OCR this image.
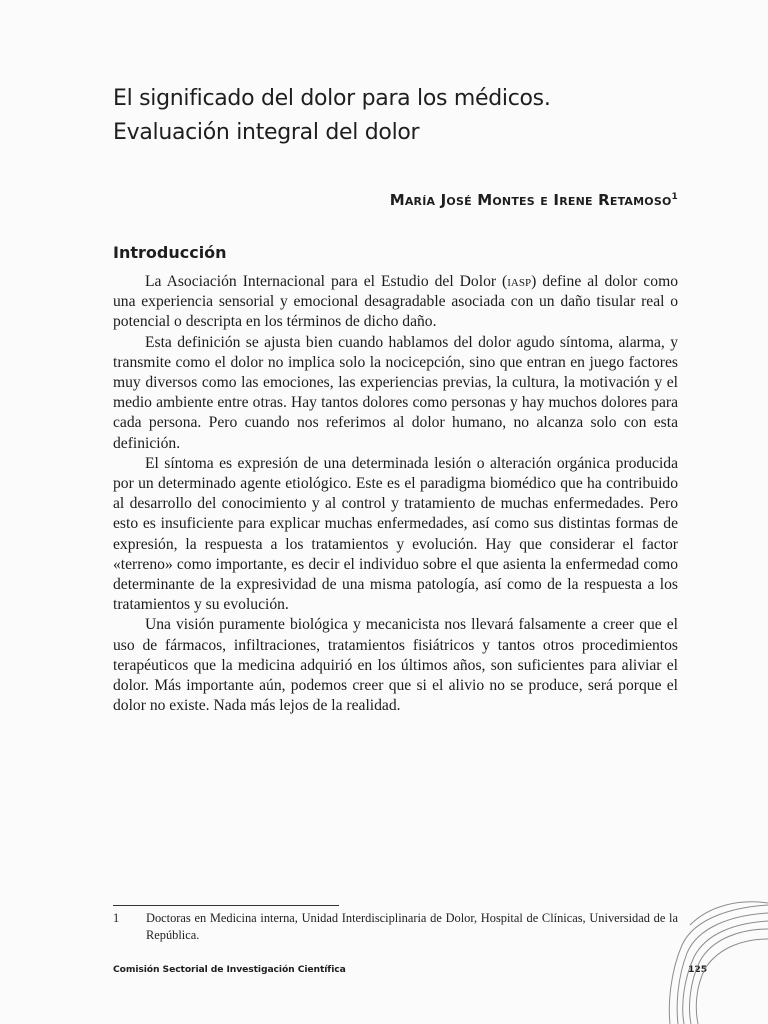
El significado del dolor para los médicos.
Evaluación integral del dolor

María José Montes e Irene Retamoso$^1$

Introducción

La Asociación Internacional para el Estudio del Dolor (iasp) define al dolor como una experiencia sensorial y emocional desagradable asociada con un daño tisular real o potencial o descripta en los términos de dicho daño.

Esta definición se ajusta bien cuando hablamos del dolor agudo síntoma, alarma, y transmite como el dolor no implica solo la nocicepción, sino que entran en juego factores muy diversos como las emociones, las experiencias previas, la cultura, la motivación y el medio ambiente entre otras. Hay tantos dolores como personas y hay muchos dolores para cada persona. Pero cuando nos referimos al dolor humano, no alcanza solo con esta definición.

El síntoma es expresión de una determinada lesión o alteración orgánica producida por un determinado agente etiológico. Este es el paradigma biomédico que ha contribuido al desarrollo del conocimiento y al control y tratamiento de muchas enfermedades. Pero esto es insuficiente para explicar muchas enfermedades, así como sus distintas formas de expresión, la respuesta a los tratamientos y evolución. Hay que considerar el factor «terreno» como importante, es decir el individuo sobre el que asienta la enfermedad como determinante de la expresividad de una misma patología, así como de la respuesta a los tratamientos y su evolución.

Una visión puramente biológica y mecanicista nos llevará falsamente a creer que el uso de fármacos, infiltraciones, tratamientos fisiátricos y tantos otros procedimientos terapéuticos que la medicina adquirió en los últimos años, son suficientes para aliviar el dolor. Más importante aún, podemos creer que si el alivio no se produce, será porque el dolor no existe. Nada más lejos de la realidad.

1 Doctoras en Medicina interna, Unidad Interdisciplinaria de Dolor, Hospital de Clínicas, Universidad de la República.
Comisión Sectorial de Investigación Científica	125
